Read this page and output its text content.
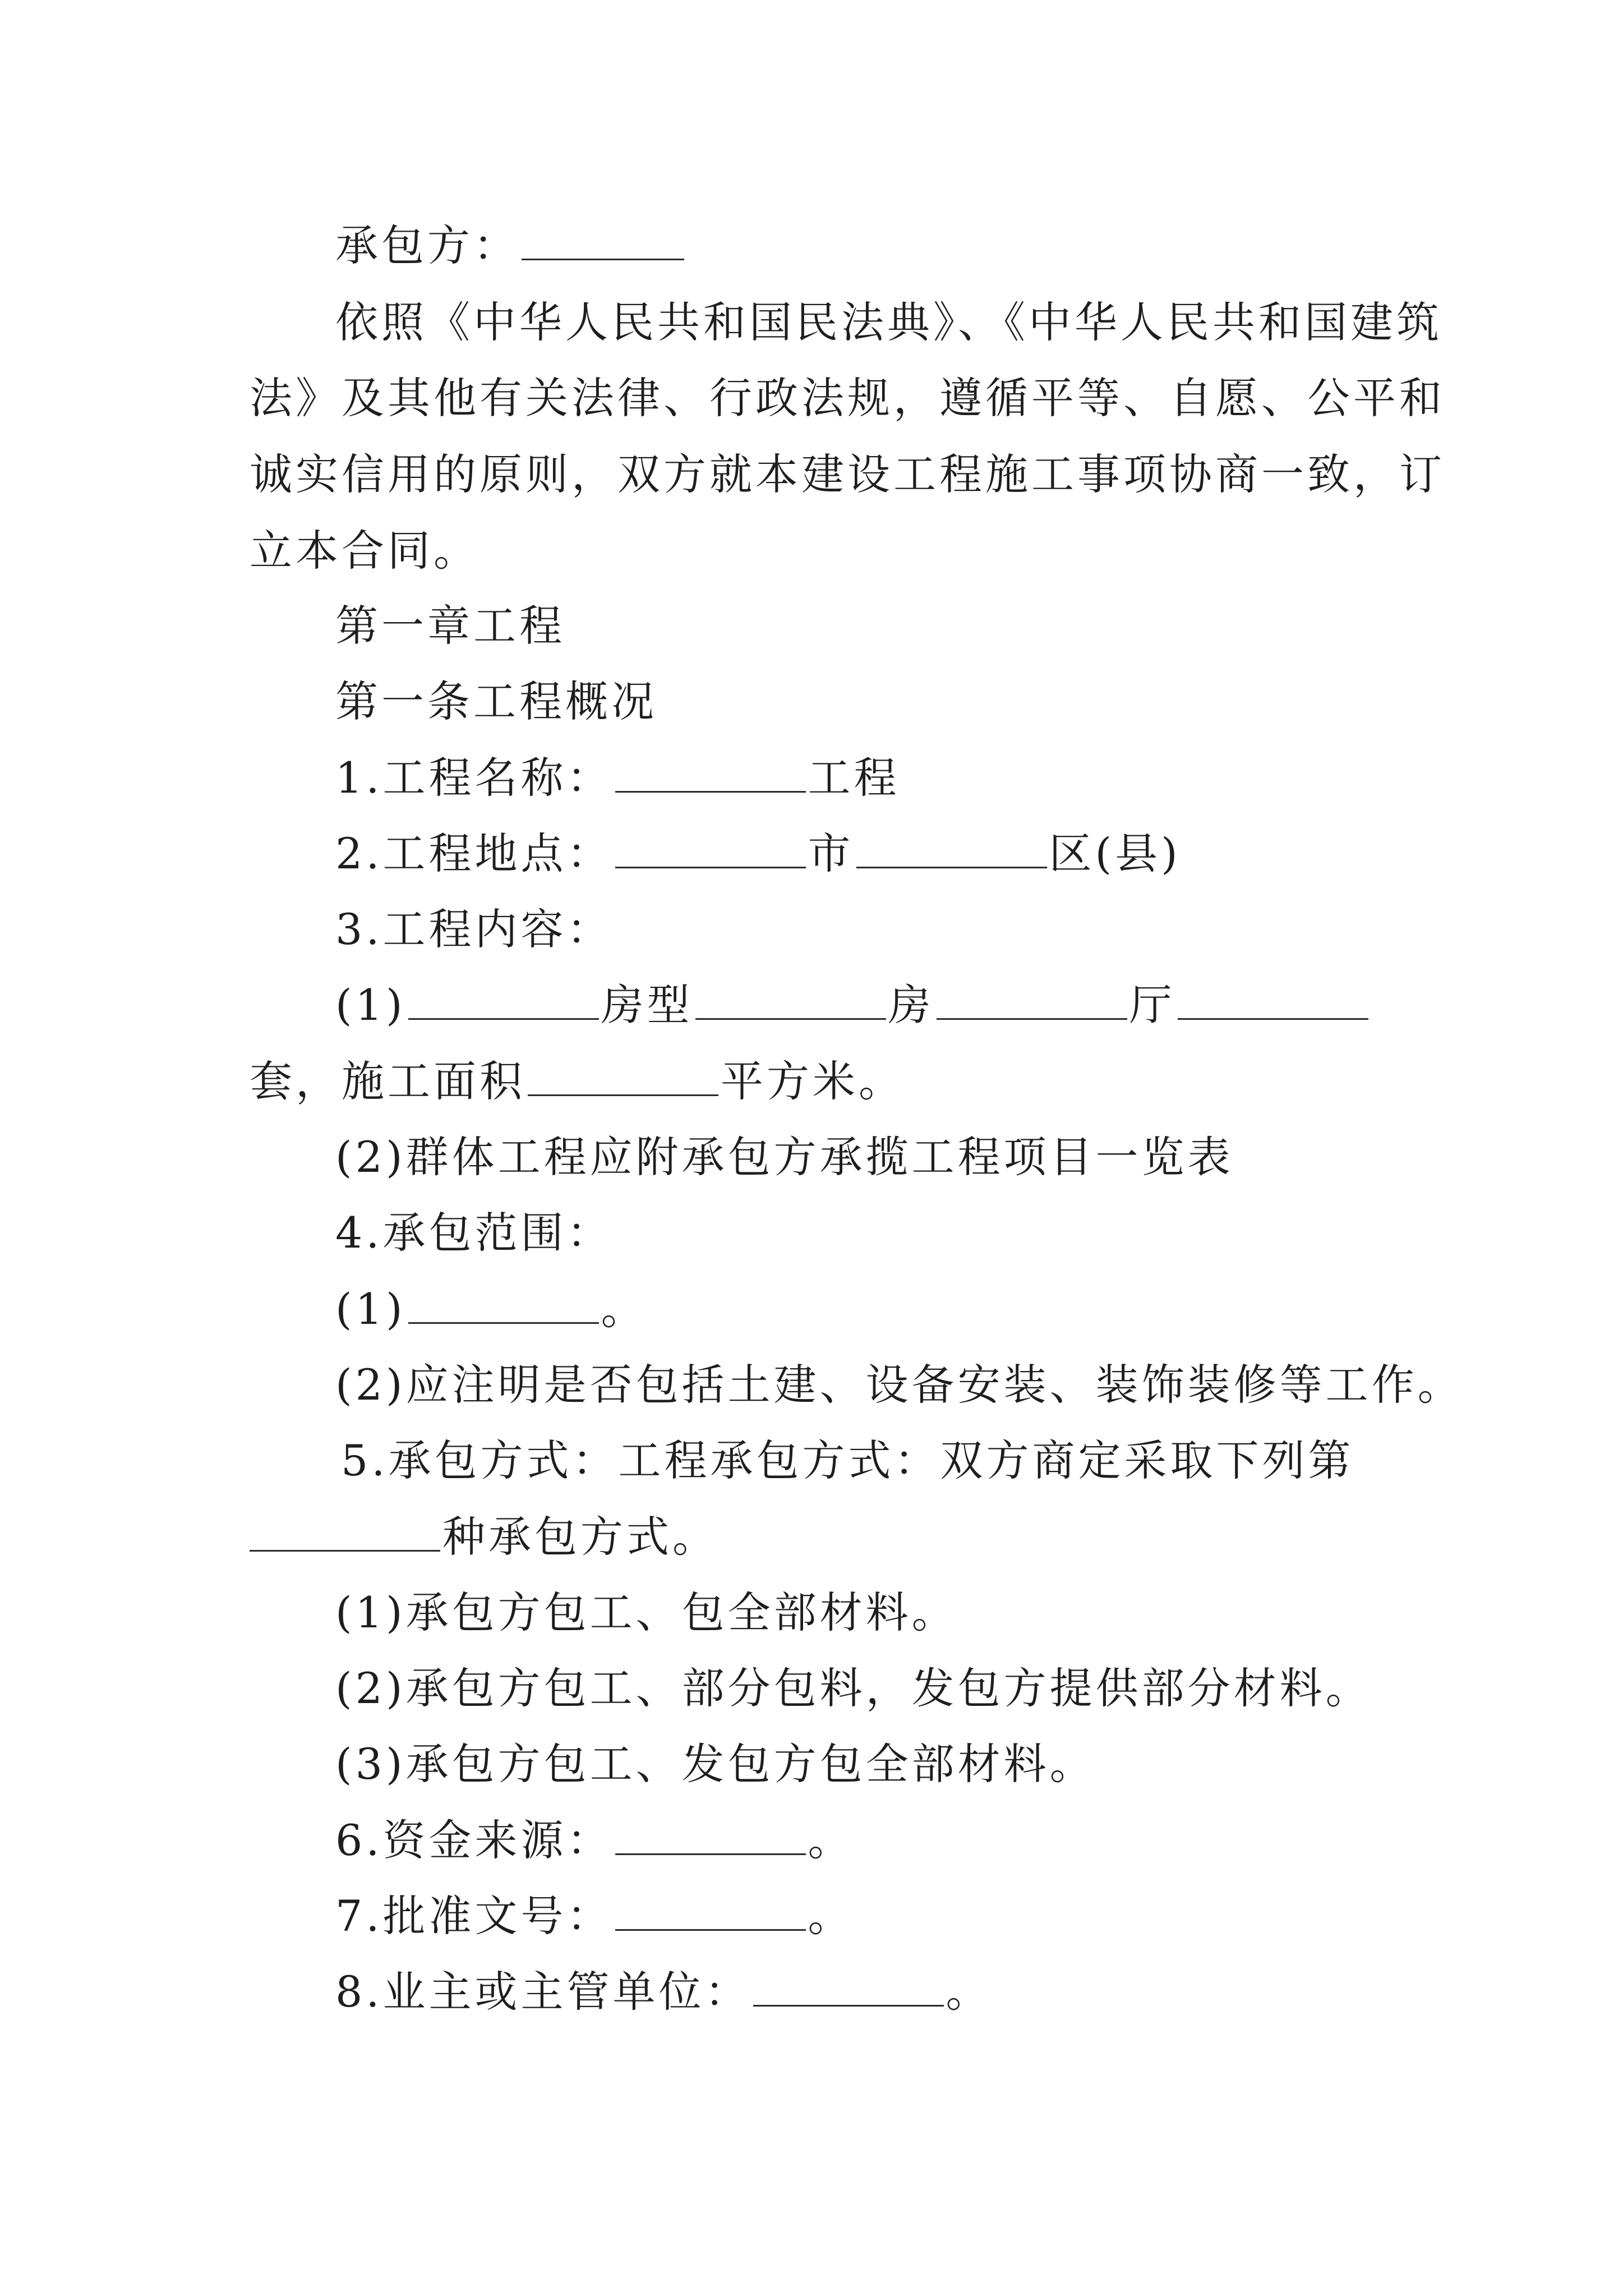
承包方：
依照《中华人民共和国民法典》、《中华人民共和国建筑
法》及其他有关法律、行政法规，遵循平等、自愿、公平和
诚实信用的原则，双方就本建设工程施工事项协商一致，订
立本合同。
第一章工程
第一条工程概况
1.工程名称：	工程
2.工程地点：	市	区(县)
3.工程内容：
(1)	房型	房	厅
套，施工面积	平方米。
(2)群体工程应附承包方承揽工程项目一览表
4.承包范围：
(1)	。
(2)应注明是否包括土建、设备安装、装饰装修等工作。
5.承包方式：工程承包方式：双方商定采取下列第
种承包方式。
(1)承包方包工、包全部材料。
(2)承包方包工、部分包料，发包方提供部分材料。
(3)承包方包工、发包方包全部材料。
6.资金来源：	。
7.批准文号：	。
8.业主或主管单位：	。
